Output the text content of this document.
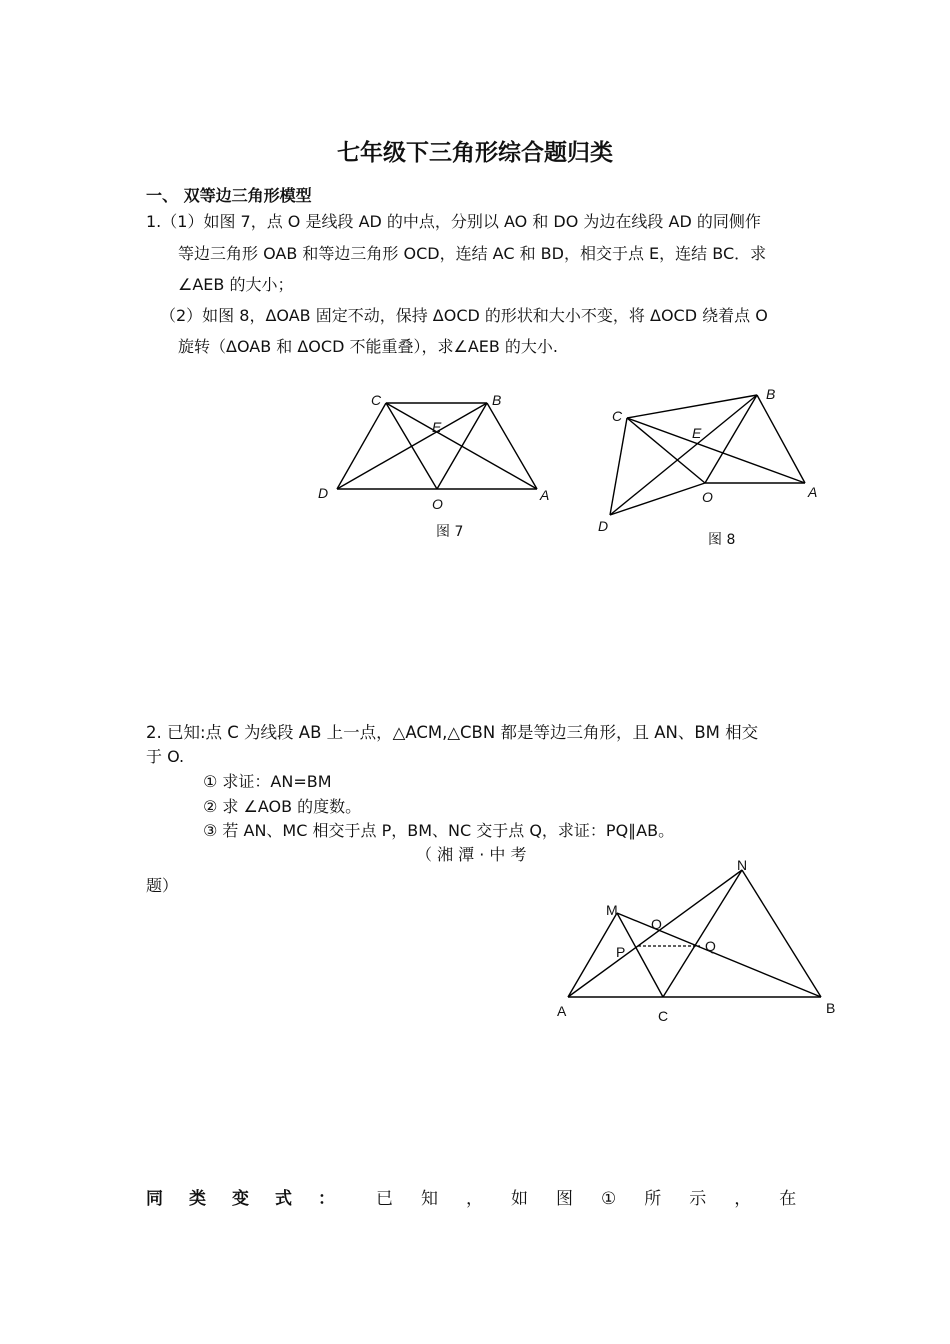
七年级下三角形综合题归类
一、 双等边三角形模型
1.（1）如图 7，点 O 是线段 AD 的中点，分别以 AO 和 DO 为边在线段 AD 的同侧作
等边三角形 OAB 和等边三角形 OCD，连结 AC 和 BD，相交于点 E，连结 BC．求
∠AEB 的大小；
（2）如图 8，ΔOAB 固定不动，保持 ΔOCD 的形状和大小不变，将 ΔOCD 绕着点 O
旋转（ΔOAB 和 ΔOCD 不能重叠），求∠AEB 的大小.
C	B
E
D
O
A
图 7
C
B
E
D
O	A
图 8
2. 已知:点 C 为线段 AB 上一点，△ACM,△CBN 都是等边三角形，且 AN、BM 相交
于 O.
① 求证：AN=BM
② 求 ∠AOB 的度数。
③ 若 AN、MC 相交于点 P，BM、NC 交于点 Q，求证：PQ∥AB。
（ 湘 潭 · 中 考
题）
N
M
O
P	Q
A	C	B
同类变式： 已知，如图①所示，在
